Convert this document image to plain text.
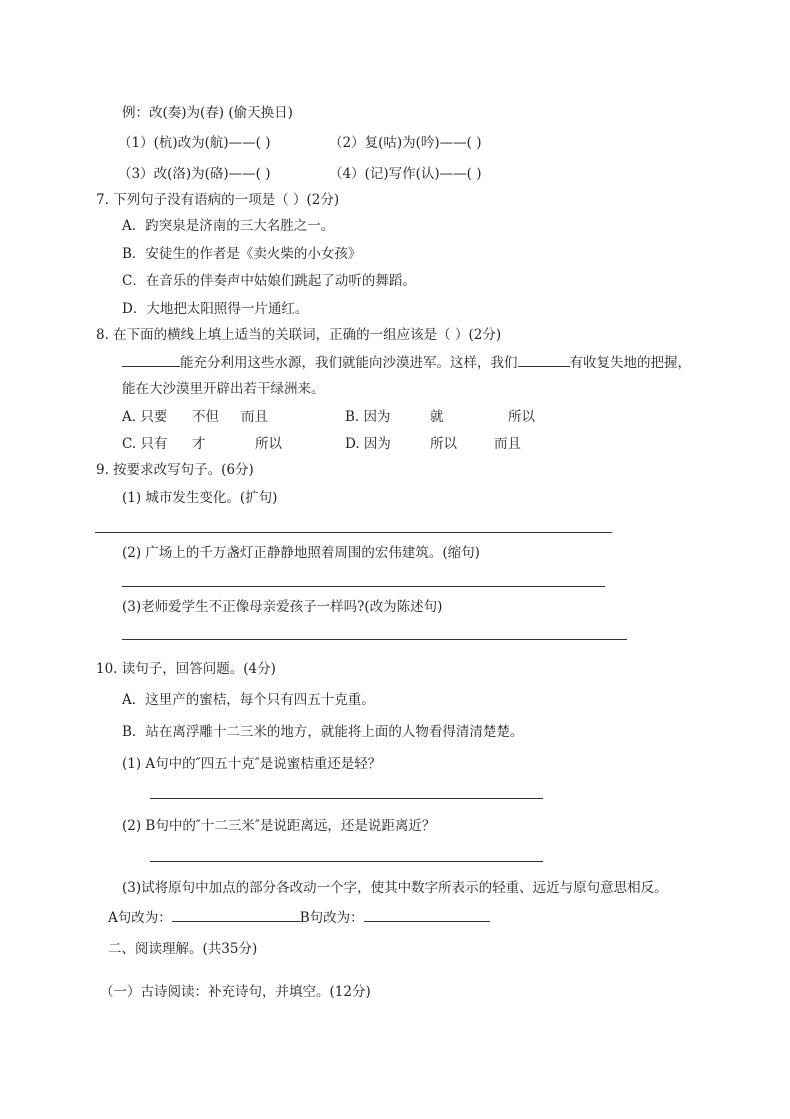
例：改(奏)为(春) (偷天换日)
（1）(杭)改为(航)——( )	（2）复(咕)为(吟)——( )
（3）改(洛)为(硌)——( )	（4）(记)写作(认)——( )
7. 下列句子没有语病的一项是（ ）(2分)
A．趵突泉是济南的三大名胜之一。
B．安徒生的作者是《卖火柴的小女孩》
C．在音乐的伴奏声中姑娘们跳起了动听的舞蹈。
D．大地把太阳照得一片通红。
8. 在下面的横线上填上适当的关联词，正确的一组应该是（ ）(2分)
能充分利用这些水源，我们就能向沙漠进军。这样，我们	有收复失地的把握，
能在大沙漠里开辟出若干绿洲来。
A. 只要 不但 而且	B. 因为	就	所以
C. 只有 才	所以	D. 因为	所以	而且
9. 按要求改写句子。(6分)
(1) 城市发生变化。(扩句)
(2) 广场上的千万盏灯正静静地照着周围的宏伟建筑。(缩句)
(3)老师爱学生不正像母亲爱孩子一样吗?(改为陈述句)
10. 读句子，回答问题。(4分)
A．这里产的蜜桔，每个只有四五十克重。
B．站在离浮雕十二三米的地方，就能将上面的人物看得清清楚楚。
(1) A句中的″四五十克″是说蜜桔重还是轻？
(2) B句中的″十二三米″是说距离远，还是说距离近？
(3)试将原句中加点的部分各改动一个字，使其中数字所表示的轻重、远近与原句意思相反。
A句改为：	B句改为：
二、阅读理解。(共35分)
（一）古诗阅读：补充诗句，并填空。(12分)
